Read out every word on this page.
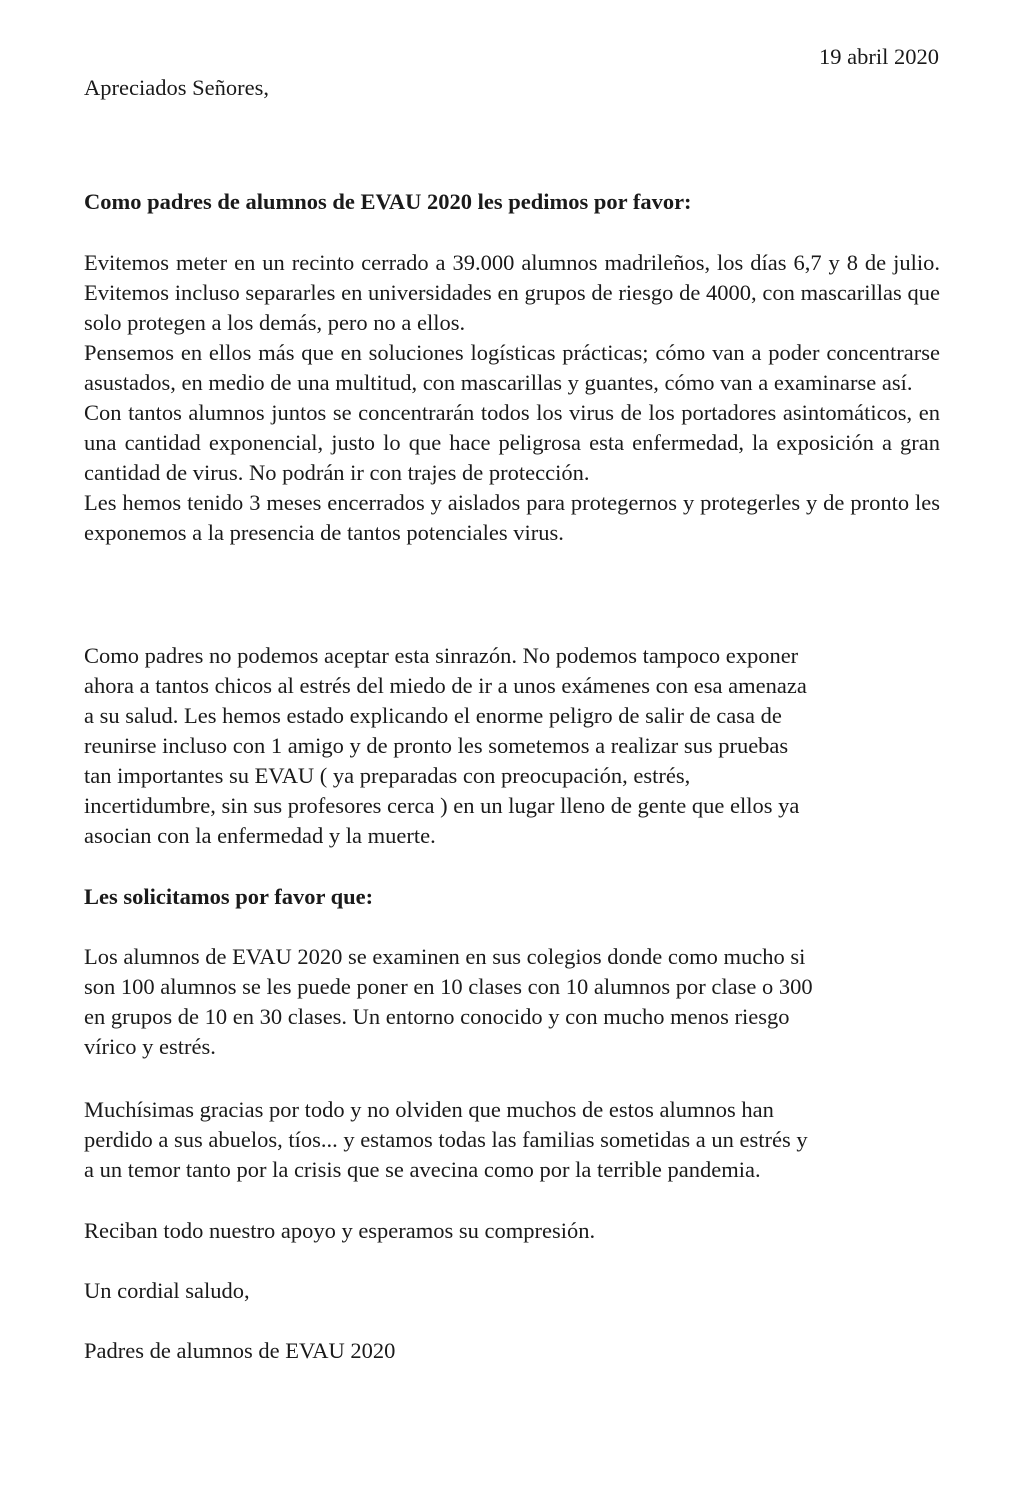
19 abril 2020
Apreciados Señores,
Como padres de alumnos de EVAU 2020 les pedimos por favor:

Evitemos meter en un recinto cerrado a 39.000 alumnos madrileños, los días 6,7 y 8 de julio. Evitemos incluso separarles en universidades en grupos de riesgo de 4000, con mascarillas que solo protegen a los demás, pero no a ellos.

Pensemos en ellos más que en soluciones logísticas prácticas; cómo van a poder concentrarse asustados, en medio de una multitud, con mascarillas y guantes, cómo van a examinarse así.

Con tantos alumnos juntos se concentrarán todos los virus de los portadores asintomáticos, en una cantidad exponencial, justo lo que hace peligrosa esta enfermedad, la exposición a gran cantidad de virus. No podrán ir con trajes de protección.

Les hemos tenido 3 meses encerrados y aislados para protegernos y protegerles y de pronto les exponemos a la presencia de tantos potenciales virus.

Como padres no podemos aceptar esta sinrazón. No podemos tampoco exponer
ahora a tantos chicos al estrés del miedo de ir a unos exámenes con esa amenaza
a su salud. Les hemos estado explicando el enorme peligro de salir de casa de
reunirse incluso con 1 amigo y de pronto les sometemos a realizar sus pruebas
tan importantes su EVAU ( ya preparadas con preocupación, estrés,
incertidumbre, sin sus profesores cerca ) en un lugar lleno de gente que ellos ya
asocian con la enfermedad y la muerte.
Les solicitamos por favor que:
Los alumnos de EVAU 2020 se examinen en sus colegios donde como mucho si
son 100 alumnos se les puede poner en 10 clases con 10 alumnos por clase o 300
en grupos de 10 en 30 clases. Un entorno conocido y con mucho menos riesgo
vírico y estrés.
Muchísimas gracias por todo y no olviden que muchos de estos alumnos han
perdido a sus abuelos, tíos... y estamos todas las familias sometidas a un estrés y
a un temor tanto por la crisis que se avecina como por la terrible pandemia.
Reciban todo nuestro apoyo y esperamos su compresión.
Un cordial saludo,
Padres de alumnos de EVAU 2020
